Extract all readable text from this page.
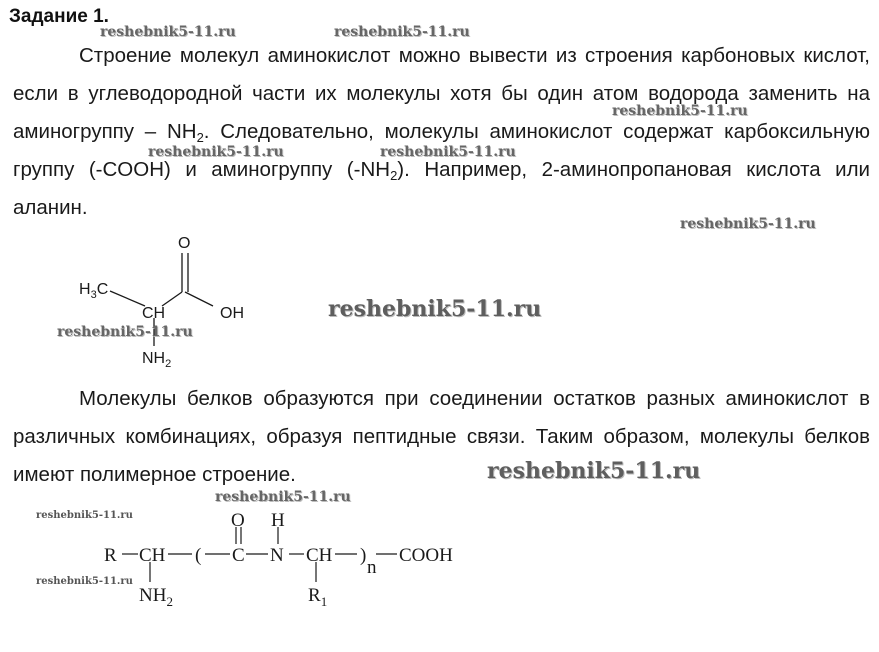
Задание 1.

Строение молекул аминокислот можно вывести из строения карбоновых кислот, если в углеводородной части их молекулы хотя бы один атом водорода заменить на аминогруппу – $NH_2$. Следовательно, молекулы аминокислот содержат карбоксильную группу (-COOH) и аминогруппу $(-NH_2)$. Например, 2-аминопропановая кислота или аланин.

O
$H_3C$
CH	OH
$NH_2$

Молекулы белков образуются при соединении остатков разных аминокислот в различных комбинациях, образуя пептидные связи. Таким образом, молекулы белков имеют полимерное строение.

R CH ( C N CH )
n
COOH
O H
$NH_2$	$R_1$
reshebnik5-11.ru	reshebnik5-11.ru
reshebnik5-11.ru
reshebnik5-11.ru	reshebnik5-11.ru
reshebnik5-11.ru
reshebnik5-11.ru
reshebnik5-11.ru
reshebnik5-11.ru
reshebnik5-11.ru
reshebnik5-11.ru
reshebnik5-11.ru
